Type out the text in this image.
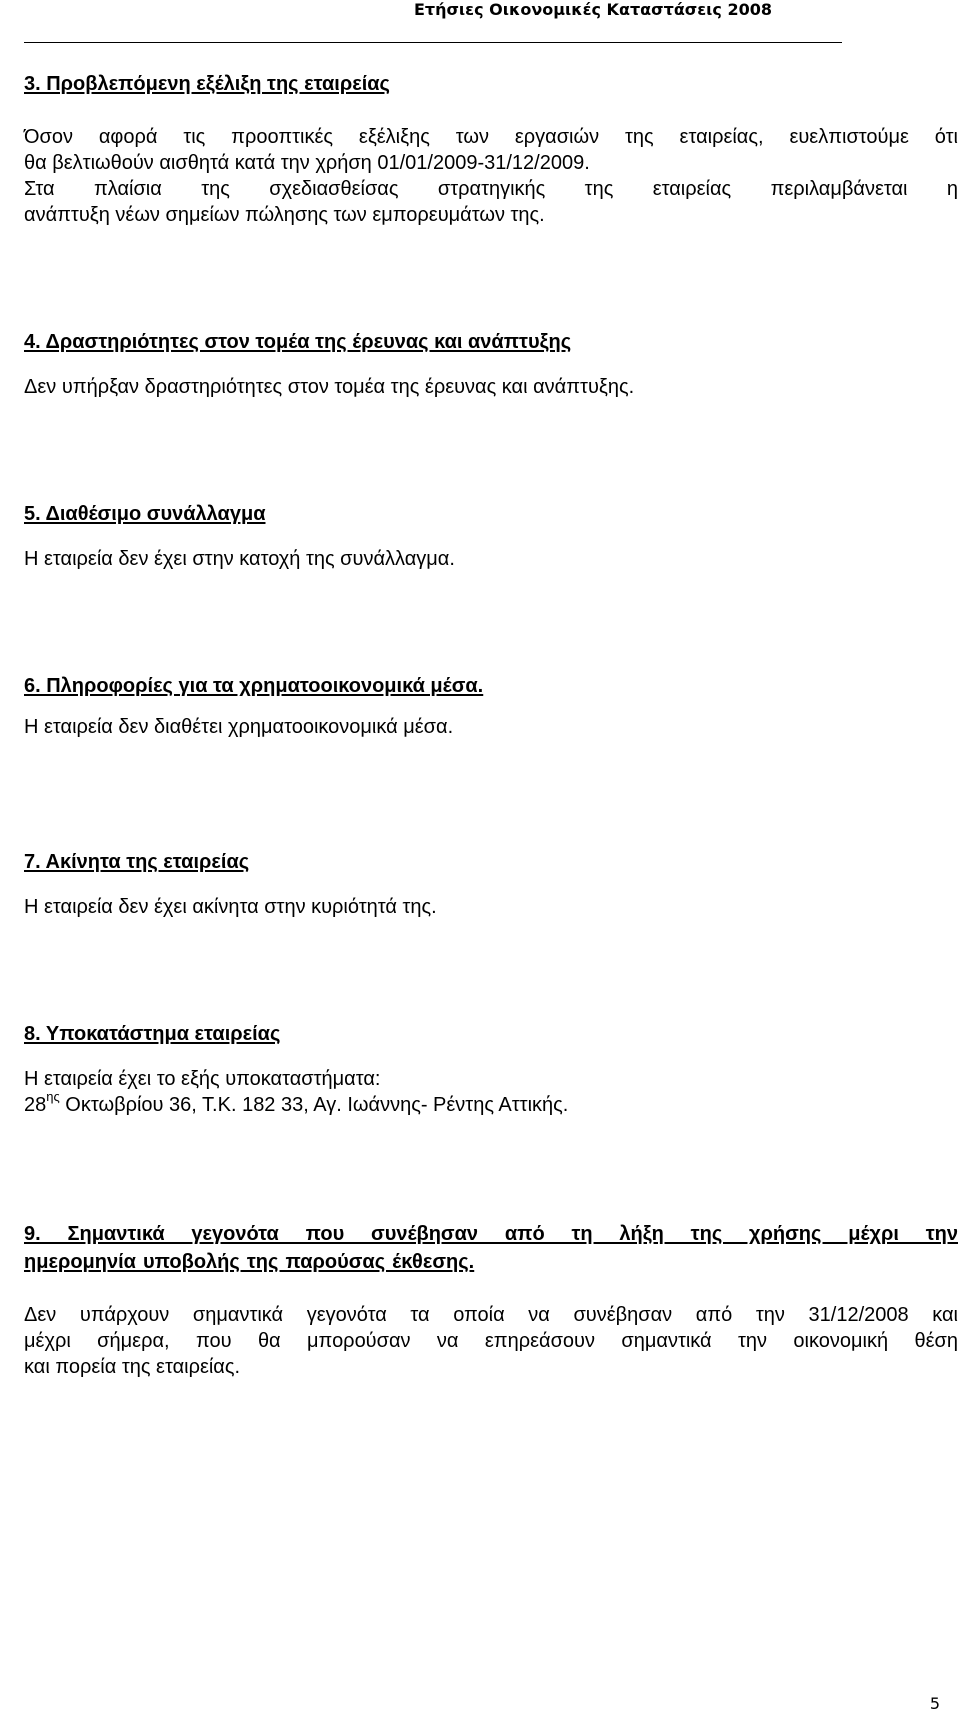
Ετήσιες Οικονομικές Καταστάσεις 2008
3. Προβλεπόμενη εξέλιξη της εταιρείας

Όσον αφορά τις προοπτικές εξέλιξης των εργασιών της εταιρείας, ευελπιστούμε ότι
θα βελτιωθούν αισθητά κατά την χρήση 01/01/2009-31/12/2009.
Στα πλαίσια της σχεδιασθείσας στρατηγικής της εταιρείας περιλαμβάνεται η
ανάπτυξη νέων σημείων πώλησης των εμπορευμάτων της.

4. Δραστηριότητες στον τομέα της έρευνας και ανάπτυξης

Δεν υπήρξαν δραστηριότητες στον τομέα της έρευνας και ανάπτυξης.

5. Διαθέσιμο συνάλλαγμα

Η εταιρεία δεν έχει στην κατοχή της συνάλλαγμα.

6. Πληροφορίες για τα χρηματοοικονομικά μέσα.

Η εταιρεία δεν διαθέτει χρηματοοικονομικά μέσα.

7. Ακίνητα της εταιρείας

Η εταιρεία δεν έχει ακίνητα στην κυριότητά της.

8. Υποκατάστημα εταιρείας

Η εταιρεία έχει το εξής υποκαταστήματα:
$28^{\eta\varsigma}$ Οκτωβρίου 36, Τ.Κ. 182 33, Αγ. Ιωάννης- Ρέντης Αττικής.

9. Σημαντικά γεγονότα που συνέβησαν από τη λήξη της χρήσης μέχρι την
ημερομηνία υποβολής της παρούσας έκθεσης.

Δεν υπάρχουν σημαντικά γεγονότα τα οποία να συνέβησαν από την 31/12/2008 και
μέχρι σήμερα, που θα μπορούσαν να επηρεάσουν σημαντικά την οικονομική θέση
και πορεία της εταιρείας.

5
